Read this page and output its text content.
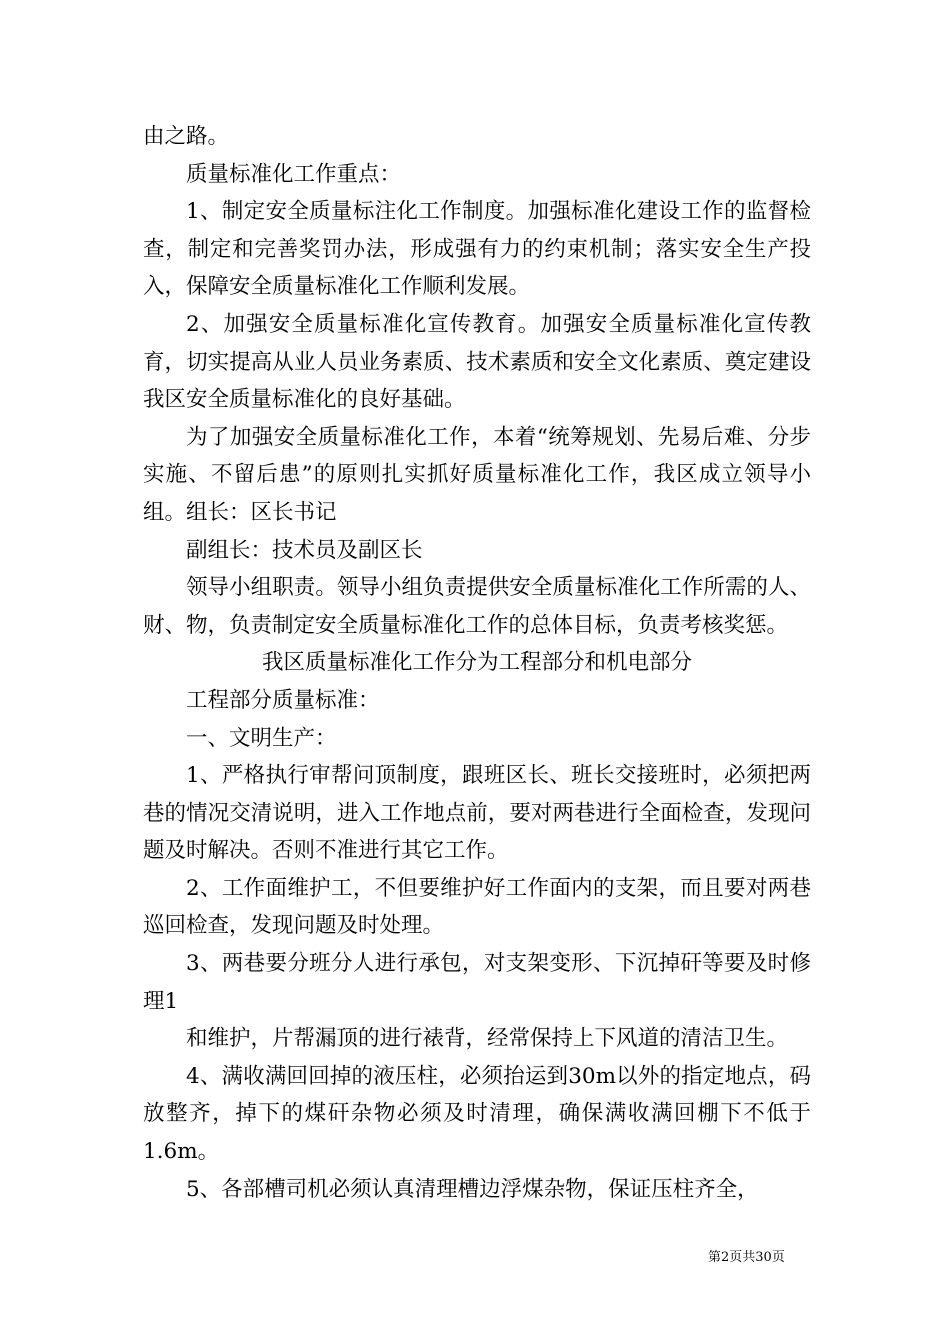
由之路。

质量标准化工作重点：

1、制定安全质量标注化工作制度。加强标准化建设工作的监督检查，制定和完善奖罚办法，形成强有力的约束机制；落实安全生产投入，保障安全质量标准化工作顺利发展。

2、加强安全质量标准化宣传教育。加强安全质量标准化宣传教育，切实提高从业人员业务素质、技术素质和安全文化素质、奠定建设我区安全质量标准化的良好基础。

为了加强安全质量标准化工作，本着“统筹规划、先易后难、分步实施、不留后患”的原则扎实抓好质量标准化工作，我区成立领导小组。组长：区长书记

副组长：技术员及副区长

领导小组职责。领导小组负责提供安全质量标准化工作所需的人、财、物，负责制定安全质量标准化工作的总体目标，负责考核奖惩。

我区质量标准化工作分为工程部分和机电部分

工程部分质量标准：

一、文明生产：

1、严格执行审帮问顶制度，跟班区长、班长交接班时，必须把两巷的情况交清说明，进入工作地点前，要对两巷进行全面检查，发现问题及时解决。否则不准进行其它工作。

2、工作面维护工，不但要维护好工作面内的支架，而且要对两巷巡回检查，发现问题及时处理。

3、两巷要分班分人进行承包，对支架变形、下沉掉矸等要及时修理1

和维护，片帮漏顶的进行裱背，经常保持上下风道的清洁卫生。

4、满收满回回掉的液压柱，必须抬运到30m以外的指定地点，码放整齐，掉下的煤矸杂物必须及时清理，确保满收满回棚下不低于1.6m。

5、各部槽司机必须认真清理槽边浮煤杂物，保证压柱齐全，

第2页共30页
